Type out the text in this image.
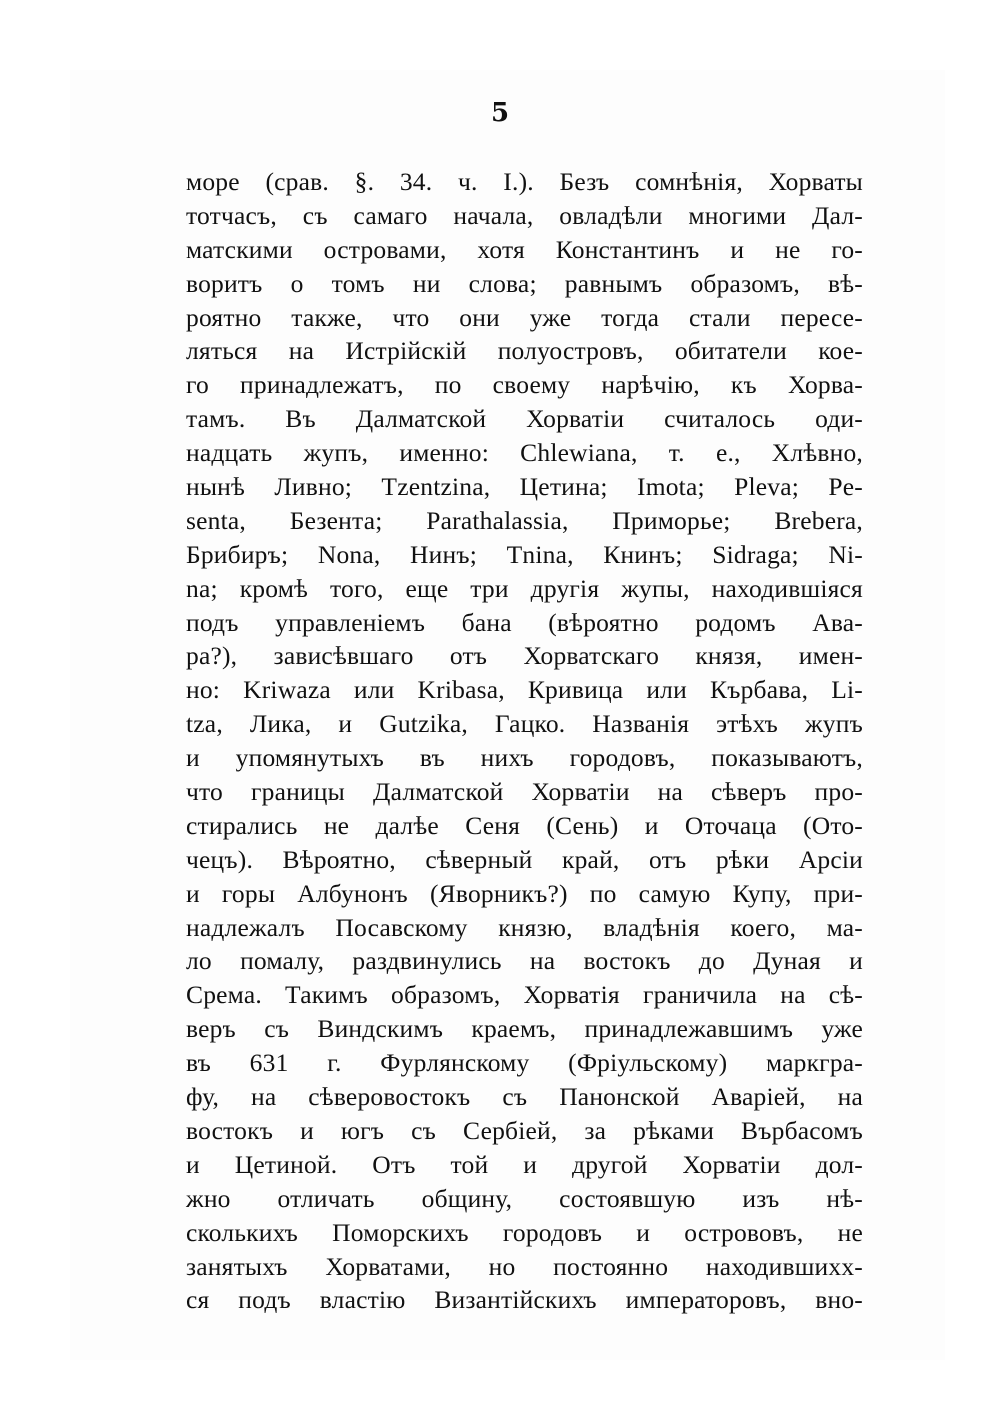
5
море (срав. §. 34. ч. I.). Безъ сомнѣнія, Хорваты
тотчасъ, съ самаго начала, овладѣли многими Дал-
матскими островами, хотя Константинъ и не го-
воритъ о томъ ни слова; равнымъ образомъ, вѣ-
роятно также, что они уже тогда стали пересе-
ляться на Истрійскій полуостровъ, обитатели кое-
го принадлежатъ, по своему нарѣчію, къ Хорва-
тамъ. Въ Далматской Хорватіи считалось оди-
надцать жупъ, именно: Chlewiana, т. е., Хлѣвно,
нынѣ Ливно; Tzentzina, Цетина; Imota; Pleva; Pe-
senta, Безента; Parathalassia, Приморье; Brebera,
Брибиръ; Nona, Нинъ; Tnina, Книнъ; Sidraga; Ni-
na; кромѣ того, еще три другія жупы, находившіяся
подъ управленіемъ бана (вѣроятно родомъ Ава-
ра?), зависѣвшаго отъ Хорватскаго князя, имен-
но: Kriwaza или Kribasa, Кривица или Кърбава, Li-
tza, Лика, и Gutzika, Гацко. Названія этѣхъ жупъ
и упомянутыхъ въ нихъ городовъ, показываютъ,
что границы Далматской Хорватіи на сѣверъ про-
стирались не далѣе Сеня (Сень) и Оточаца (Ото-
чецъ). Вѣроятно, сѣверный край, отъ рѣки Арсіи
и горы Албунонъ (Яворникъ?) по самую Купу, при-
надлежалъ Посавскому князю, владѣнія коего, ма-
ло помалу, раздвинулись на востокъ до Дуная и
Срема. Такимъ образомъ, Хорватія граничила на сѣ-
веръ съ Виндскимъ краемъ, принадлежавшимъ уже
въ 631 г. Фурлянскому (Фріульскому) маркгра-
фу, на сѣверовостокъ съ Панонской Аваріей, на
востокъ и югъ съ Сербіей, за рѣками Върбасомъ
и Цетиной. Отъ той и другой Хорватіи дол-
жно отличать общину, состоявшую изъ нѣ-
сколькихъ Поморскихъ городовъ и острововъ, не
занятыхъ Хорватами, но постоянно находившихх-
ся подъ властію Византійскихъ императоровъ, вно-
